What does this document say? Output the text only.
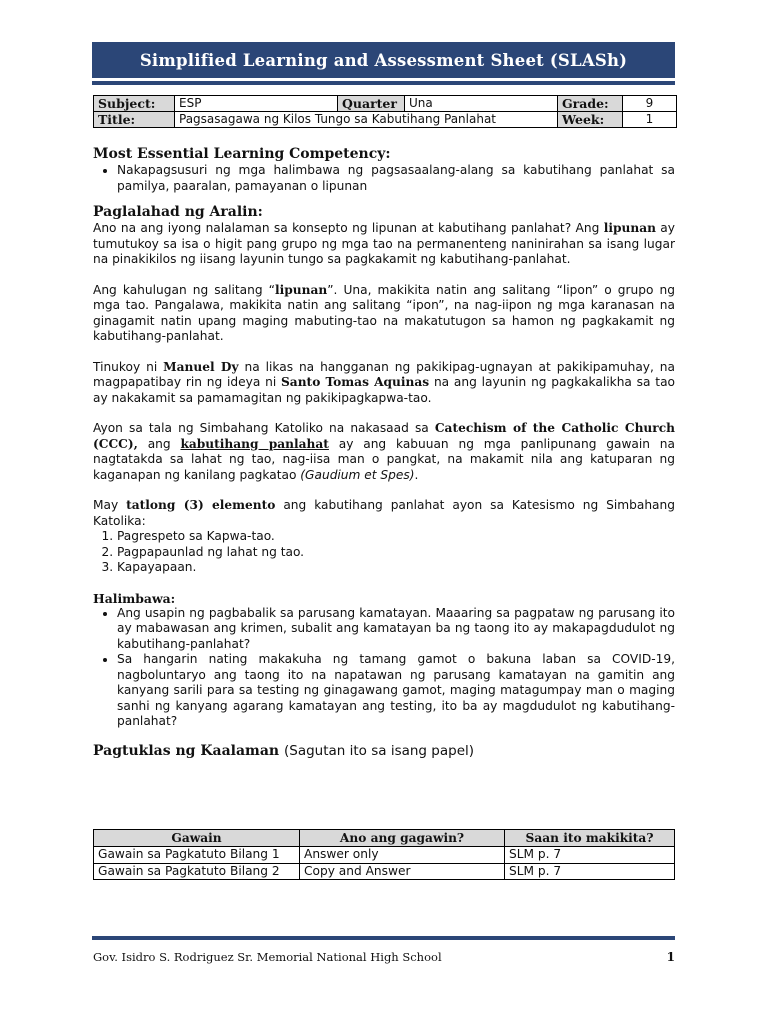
Simplified Learning and Assessment Sheet (SLASh)
Subject:	ESP	Quarter	Una	Grade:	9
Title:	Pagsasagawa ng Kilos Tungo sa Kabutihang Panlahat			Week:	1
Most Essential Learning Competency:
• Nakapagsusuri ng mga halimbawa ng pagsasaalang-alang sa kabutihang panlahat sa pamilya, paaralan, pamayanan o lipunan
Paglalahad ng Aralin:

Ano na ang iyong nalalaman sa konsepto ng lipunan at kabutihang panlahat? Ang lipunan ay tumutukoy sa isa o higit pang grupo ng mga tao na permanenteng naninirahan sa isang lugar na pinakikilos ng iisang layunin tungo sa pagkakamit ng kabutihang-panlahat.

Ang kahulugan ng salitang “lipunan”. Una, makikita natin ang salitang “lipon” o grupo ng mga tao. Pangalawa, makikita natin ang salitang “ipon”, na nag-iipon ng mga karanasan na ginagamit natin upang maging mabuting-tao na makatutugon sa hamon ng pagkakamit ng kabutihang-panlahat.

Tinukoy ni Manuel Dy na likas na hangganan ng pakikipag-ugnayan at pakikipamuhay, na magpapatibay rin ng ideya ni Santo Tomas Aquinas na ang layunin ng pagkakalikha sa tao ay nakakamit sa pamamagitan ng pakikipagkapwa-tao.

Ayon sa tala ng Simbahang Katoliko na nakasaad sa Catechism of the Catholic Church (CCC), ang kabutihang panlahat ay ang kabuuan ng mga panlipunang gawain na nagtatakda sa lahat ng tao, nag-iisa man o pangkat, na makamit nila ang katuparan ng kaganapan ng kanilang pagkatao (Gaudium et Spes).

May tatlong (3) elemento ang kabutihang panlahat ayon sa Katesismo ng Simbahang Katolika:

1. Pagrespeto sa Kapwa-tao.
2. Pagpapaunlad ng lahat ng tao.
3. Kapayapaan.
Halimbawa:
• Ang usapin ng pagbabalik sa parusang kamatayan. Maaaring sa pagpataw ng parusang ito ay mabawasan ang krimen, subalit ang kamatayan ba ng taong ito ay makapagdudulot ng kabutihang-panlahat?
• Sa hangarin nating makakuha ng tamang gamot o bakuna laban sa COVID-19, nagboluntaryo ang taong ito na napatawan ng parusang kamatayan na gamitin ang kanyang sarili para sa testing ng ginagawang gamot, maging matagumpay man o maging sanhi ng kanyang agarang kamatayan ang testing, ito ba ay magdudulot ng kabutihang-panlahat?
Pagtuklas ng Kaalaman (Sagutan ito sa isang papel)
Gawain	Ano ang gagawin?	Saan ito makikita?
Gawain sa Pagkatuto Bilang 1	Answer only	SLM p. 7
Gawain sa Pagkatuto Bilang 2	Copy and Answer	SLM p. 7
Gov. Isidro S. Rodriguez Sr. Memorial National High School	1
